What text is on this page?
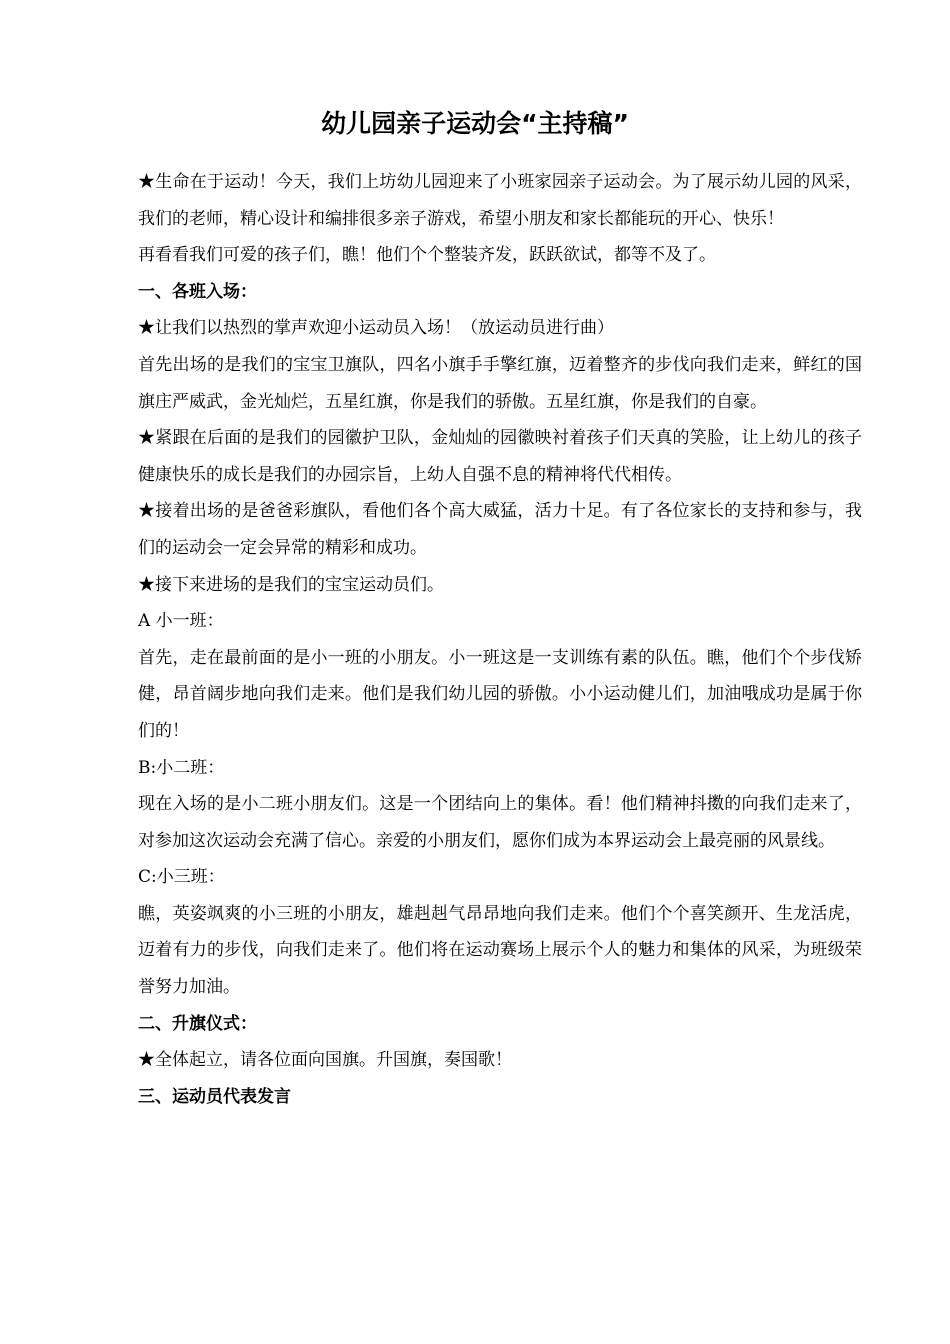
幼儿园亲子运动会“主持稿”

★生命在于运动！今天，我们上坊幼儿园迎来了小班家园亲子运动会。为了展示幼儿园的风采，我们的老师，精心设计和编排很多亲子游戏，希望小朋友和家长都能玩的开心、快乐！

再看看我们可爱的孩子们，瞧！他们个个整装齐发，跃跃欲试，都等不及了。

一、各班入场：

★让我们以热烈的掌声欢迎小运动员入场！（放运动员进行曲）

首先出场的是我们的宝宝卫旗队，四名小旗手手擎红旗，迈着整齐的步伐向我们走来，鲜红的国旗庄严威武，金光灿烂，五星红旗，你是我们的骄傲。五星红旗，你是我们的自豪。

★紧跟在后面的是我们的园徽护卫队，金灿灿的园徽映衬着孩子们天真的笑脸，让上幼儿的孩子健康快乐的成长是我们的办园宗旨，上幼人自强不息的精神将代代相传。

★接着出场的是爸爸彩旗队，看他们各个高大威猛，活力十足。有了各位家长的支持和参与，我们的运动会一定会异常的精彩和成功。

★接下来进场的是我们的宝宝运动员们。

A 小一班：

首先，走在最前面的是小一班的小朋友。小一班这是一支训练有素的队伍。瞧，他们个个步伐矫健，昂首阔步地向我们走来。他们是我们幼儿园的骄傲。小小运动健儿们，加油哦成功是属于你们的！

B:小二班：

现在入场的是小二班小朋友们。这是一个团结向上的集体。看！他们精神抖擞的向我们走来了，对参加这次运动会充满了信心。亲爱的小朋友们，愿你们成为本界运动会上最亮丽的风景线。

C:小三班：

瞧，英姿飒爽的小三班的小朋友，雄赳赳气昂昂地向我们走来。他们个个喜笑颜开、生龙活虎，迈着有力的步伐，向我们走来了。他们将在运动赛场上展示个人的魅力和集体的风采，为班级荣誉努力加油。

二、升旗仪式：

★全体起立，请各位面向国旗。升国旗，奏国歌！

三、运动员代表发言
